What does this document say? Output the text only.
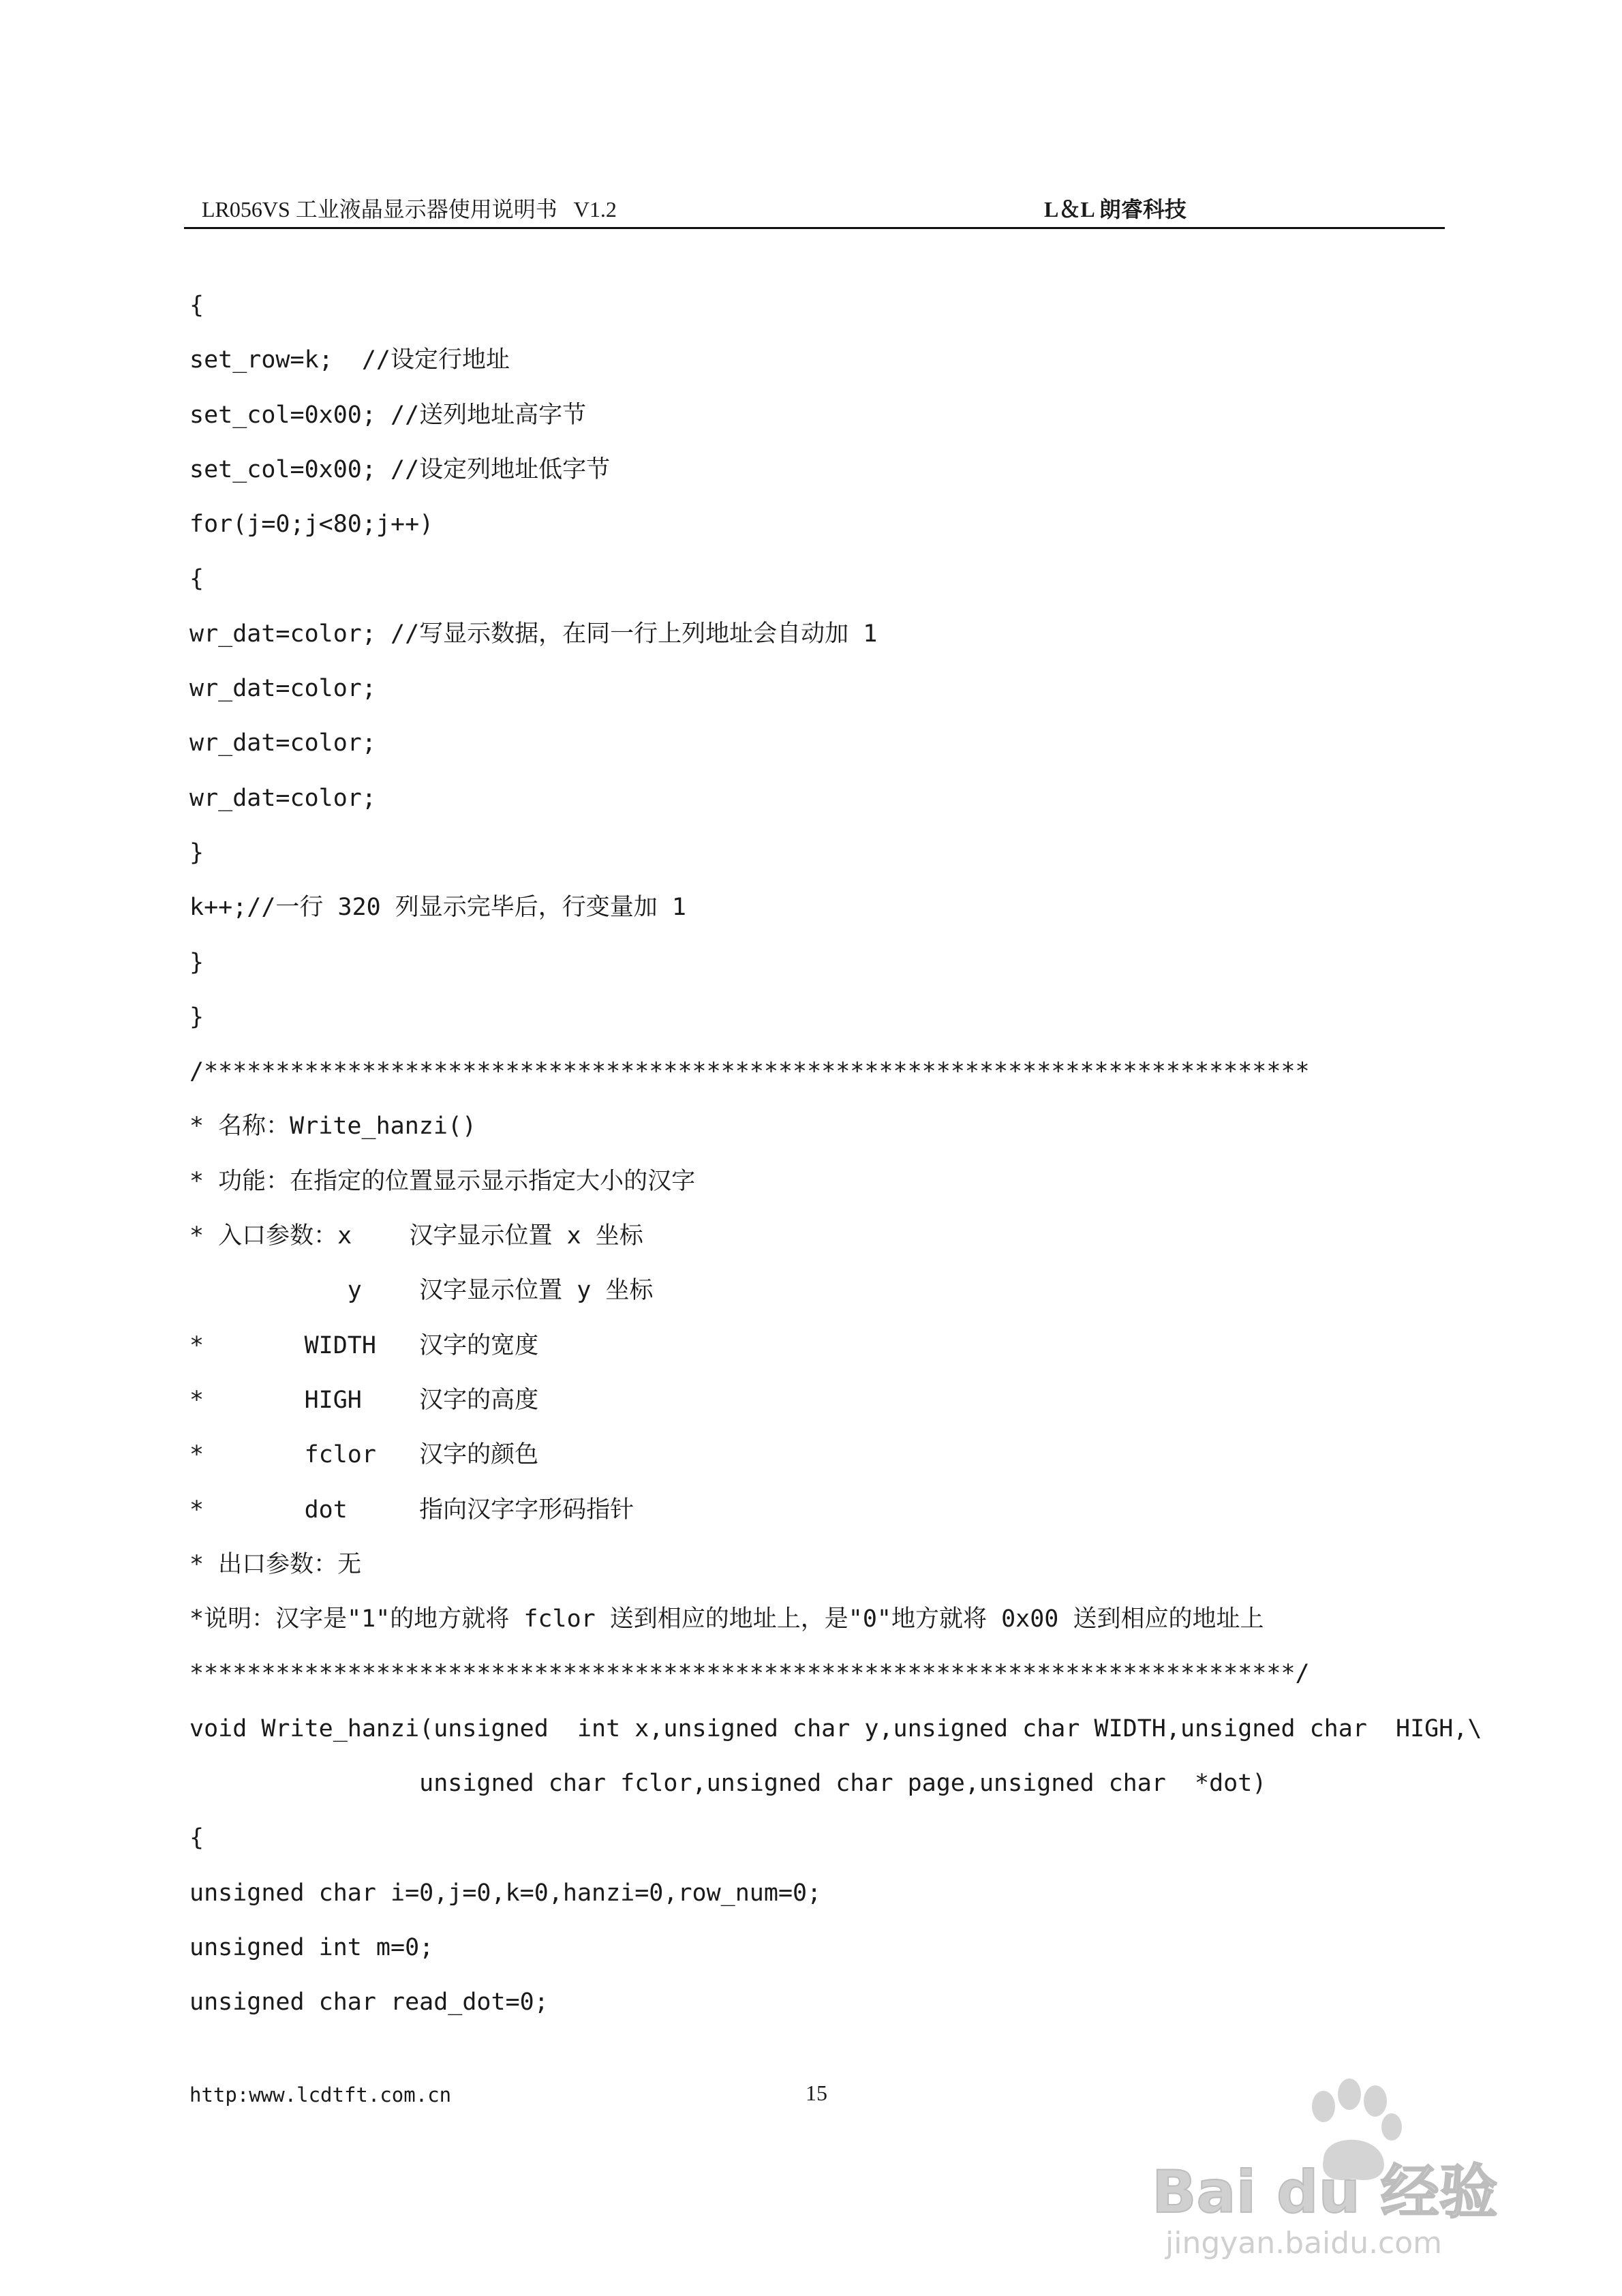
LR056VS 工业液晶显示器使用说明书   V1.2	L＆L 朗睿科技
{
set_row=k;  //设定行地址
set_col=0x00; //送列地址高字节
set_col=0x00; //设定列地址低字节
for(j=0;j<80;j++)
{
wr_dat=color; //写显示数据，在同一行上列地址会自动加 1
wr_dat=color;
wr_dat=color;
wr_dat=color;
}
k++;//一行 320 列显示完毕后，行变量加 1
}
}
/*****************************************************************************
* 名称：Write_hanzi()
* 功能：在指定的位置显示显示指定大小的汉字
* 入口参数：x    汉字显示位置 x 坐标
y    汉字显示位置 y 坐标
*       WIDTH   汉字的宽度
*       HIGH    汉字的高度
*       fclor   汉字的颜色
*       dot     指向汉字字形码指针
* 出口参数：无
*说明：汉字是"1"的地方就将 fclor 送到相应的地址上，是"0"地方就将 0x00 送到相应的地址上
*****************************************************************************/
void Write_hanzi(unsigned  int x,unsigned char y,unsigned char WIDTH,unsigned char  HIGH,\
unsigned char fclor,unsigned char page,unsigned char  *dot)
{
unsigned char i=0,j=0,k=0,hanzi=0,row_num=0;
unsigned int m=0;
unsigned char read_dot=0;
http:www.lcdtft.com.cn	15
Bai du 经验
jingyan.baidu.com
